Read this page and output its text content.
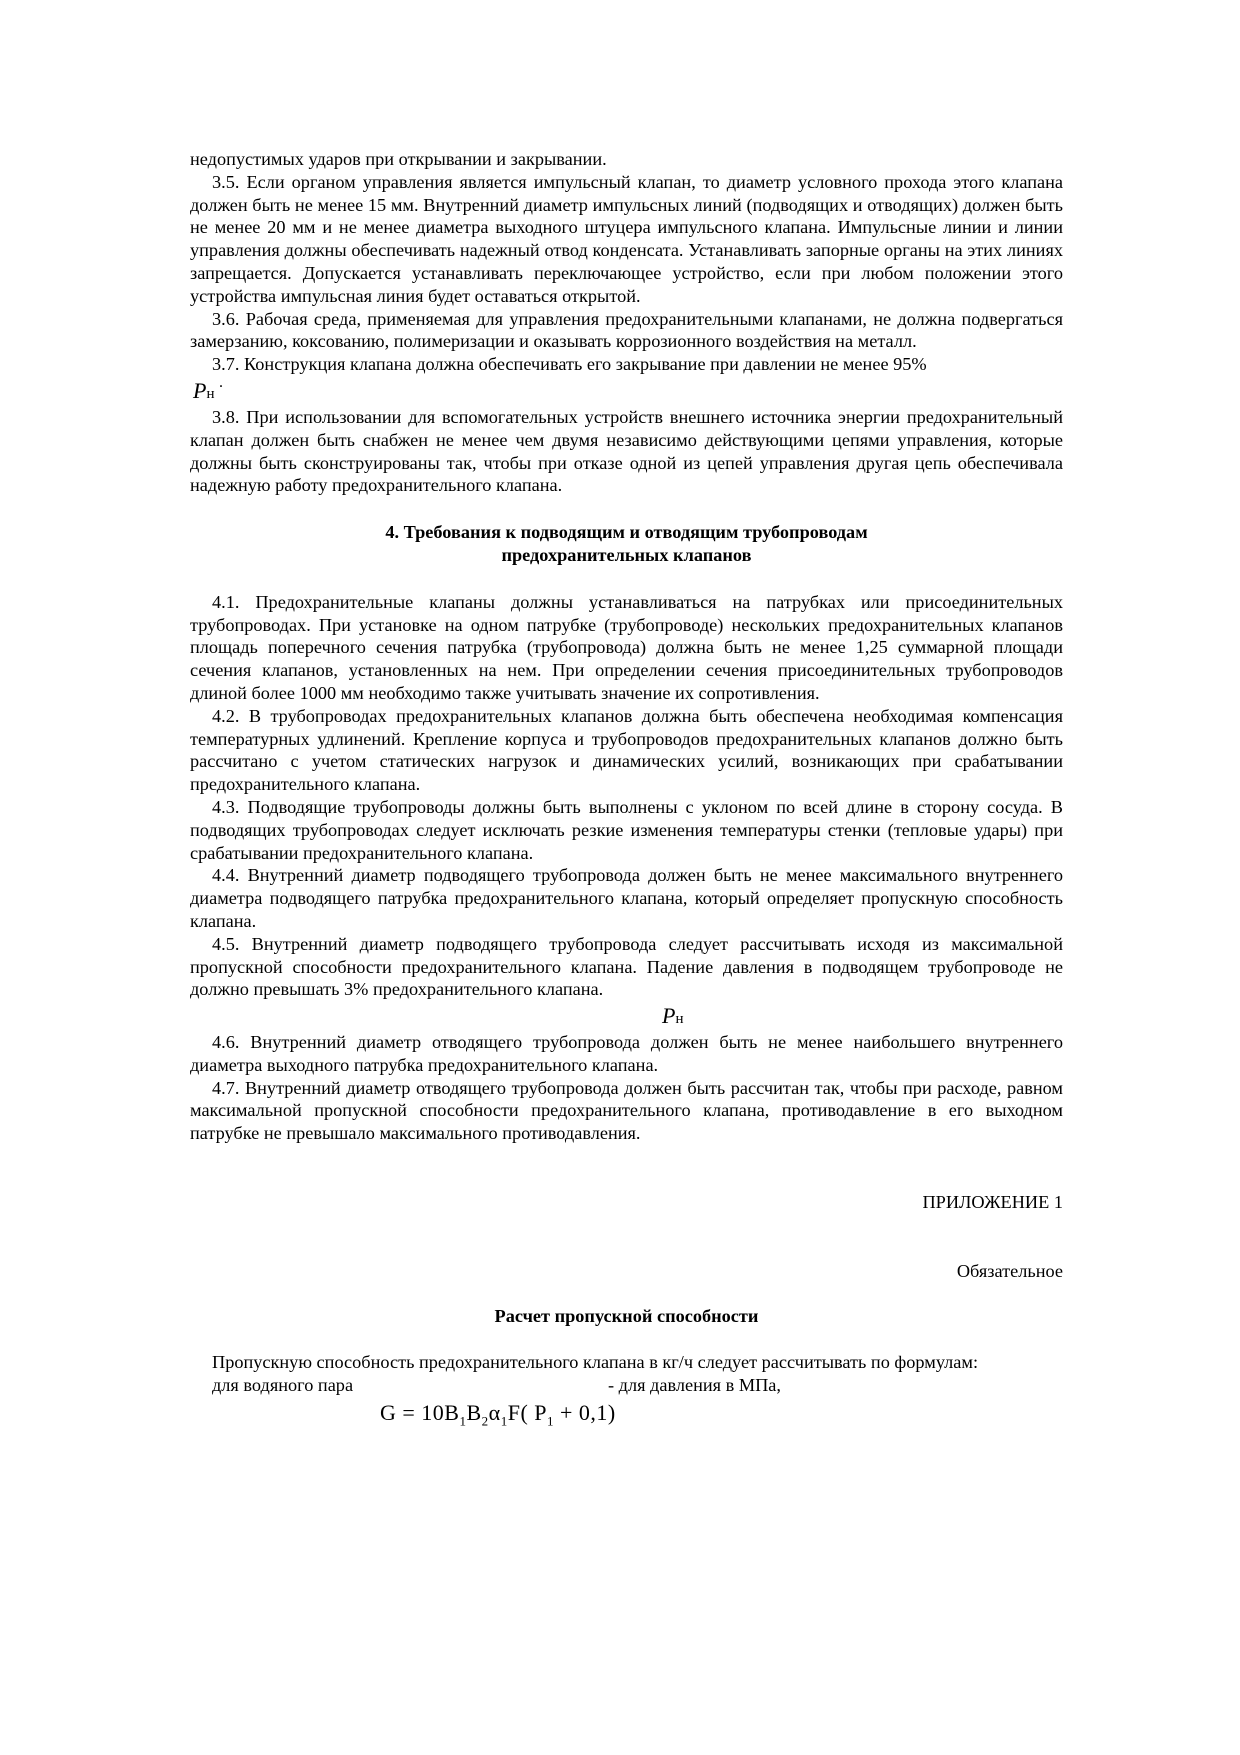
недопустимых ударов при открывании и закрывании.

3.5. Если органом управления является импульсный клапан, то диаметр условного прохода этого клапана должен быть не менее 15 мм. Внутренний диаметр импульсных линий (подводящих и отводящих) должен быть не менее 20 мм и не менее диаметра выходного штуцера импульсного клапана. Импульсные линии и линии управления должны обеспечивать надежный отвод конденсата. Устанавливать запорные органы на этих линиях запрещается. Допускается устанавливать переключающее устройство, если при любом положении этого устройства импульсная линия будет оставаться открытой.

3.6. Рабочая среда, применяемая для управления предохранительными клапанами, не должна подвергаться замерзанию, коксованию, полимеризации и оказывать коррозионного воздействия на металл.

3.7. Конструкция клапана должна обеспечивать его закрывание при давлении не менее 95%

Pн
.

3.8. При использовании для вспомогательных устройств внешнего источника энергии предохранительный клапан должен быть снабжен не менее чем двумя независимо действующими цепями управления, которые должны быть сконструированы так, чтобы при отказе одной из цепей управления другая цепь обеспечивала надежную работу предохранительного клапана.

4. Требования к подводящим и отводящим трубопроводам

предохранительных клапанов

4.1. Предохранительные клапаны должны устанавливаться на патрубках или присоединительных трубопроводах. При установке на одном патрубке (трубопроводе) нескольких предохранительных клапанов площадь поперечного сечения патрубка (трубопровода) должна быть не менее 1,25 суммарной площади сечения клапанов, установленных на нем. При определении сечения присоединительных трубопроводов длиной более 1000 мм необходимо также учитывать значение их сопротивления.

4.2. В трубопроводах предохранительных клапанов должна быть обеспечена необходимая компенсация температурных удлинений. Крепление корпуса и трубопроводов предохранительных клапанов должно быть рассчитано с учетом статических нагрузок и динамических усилий, возникающих при срабатывании предохранительного клапана.

4.3. Подводящие трубопроводы должны быть выполнены с уклоном по всей длине в сторону сосуда. В подводящих трубопроводах следует исключать резкие изменения температуры стенки (тепловые удары) при срабатывании предохранительного клапана.

4.4. Внутренний диаметр подводящего трубопровода должен быть не менее максимального внутреннего диаметра подводящего патрубка предохранительного клапана, который определяет пропускную способность клапана.

4.5. Внутренний диаметр подводящего трубопровода следует рассчитывать исходя из максимальной пропускной способности предохранительного клапана. Падение давления в подводящем трубопроводе не должно превышать 3% предохранительного клапана.

Pн

4.6. Внутренний диаметр отводящего трубопровода должен быть не менее наибольшего внутреннего диаметра выходного патрубка предохранительного клапана.

4.7. Внутренний диаметр отводящего трубопровода должен быть рассчитан так, чтобы при расходе, равном максимальной пропускной способности предохранительного клапана, противодавление в его выходном патрубке не превышало максимального противодавления.

ПРИЛОЖЕНИЕ 1

Обязательное

Расчет пропускной способности

Пропускную способность предохранительного клапана в кг/ч следует рассчитывать по формулам:

для водяного пара	- для давления в МПа,
$G = 10B_1B_2\alpha_1F$( $P_1 + 0,1$)
